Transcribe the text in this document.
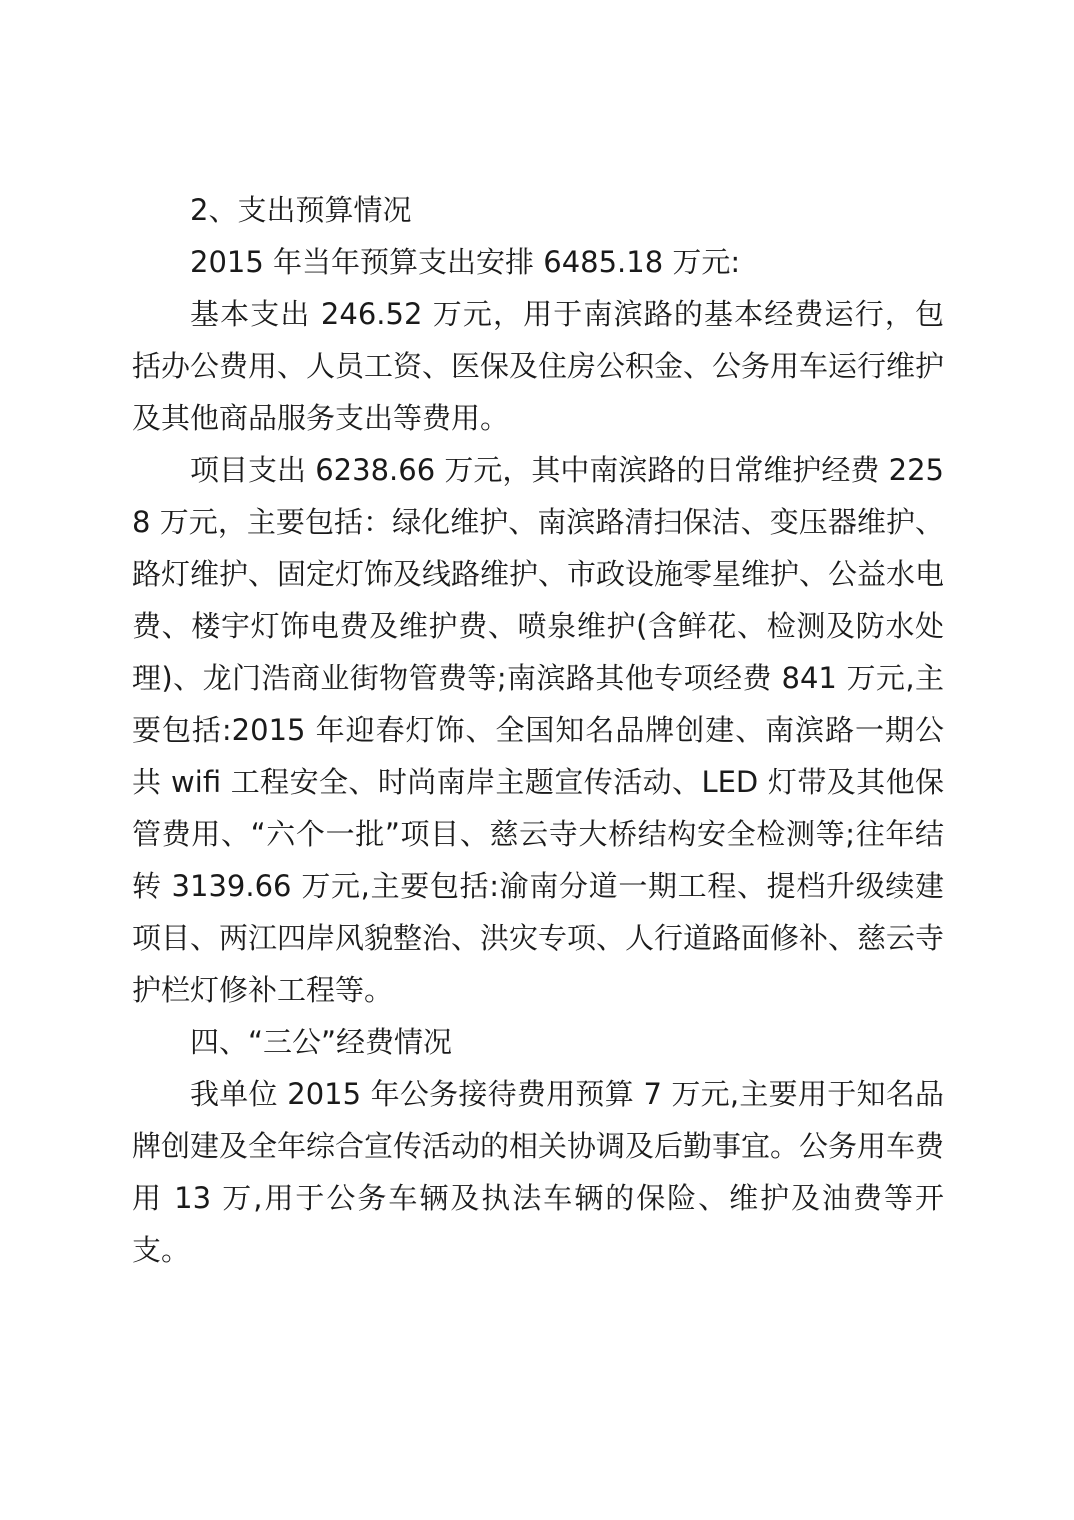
2、支出预算情况

2015 年当年预算支出安排 6485.18 万元:

基本支出 246.52 万元，用于南滨路的基本经费运行，包括办公费用、人员工资、医保及住房公积金、公务用车运行维护及其他商品服务支出等费用。

项目支出 6238.66 万元，其中南滨路的日常维护经费 2258 万元，主要包括：绿化维护、南滨路清扫保洁、变压器维护、路灯维护、固定灯饰及线路维护、市政设施零星维护、公益水电费、楼宇灯饰电费及维护费、喷泉维护(含鲜花、检测及防水处理)、龙门浩商业街物管费等;南滨路其他专项经费 841 万元,主要包括:2015 年迎春灯饰、全国知名品牌创建、南滨路一期公共 wifi 工程安全、时尚南岸主题宣传活动、LED 灯带及其他保管费用、“六个一批”项目、慈云寺大桥结构安全检测等;往年结转 3139.66 万元,主要包括:渝南分道一期工程、提档升级续建项目、两江四岸风貌整治、洪灾专项、人行道路面修补、慈云寺护栏灯修补工程等。

四、“三公”经费情况

我单位 2015 年公务接待费用预算 7 万元,主要用于知名品牌创建及全年综合宣传活动的相关协调及后勤事宜。公务用车费用 13 万,用于公务车辆及执法车辆的保险、维护及油费等开支。
